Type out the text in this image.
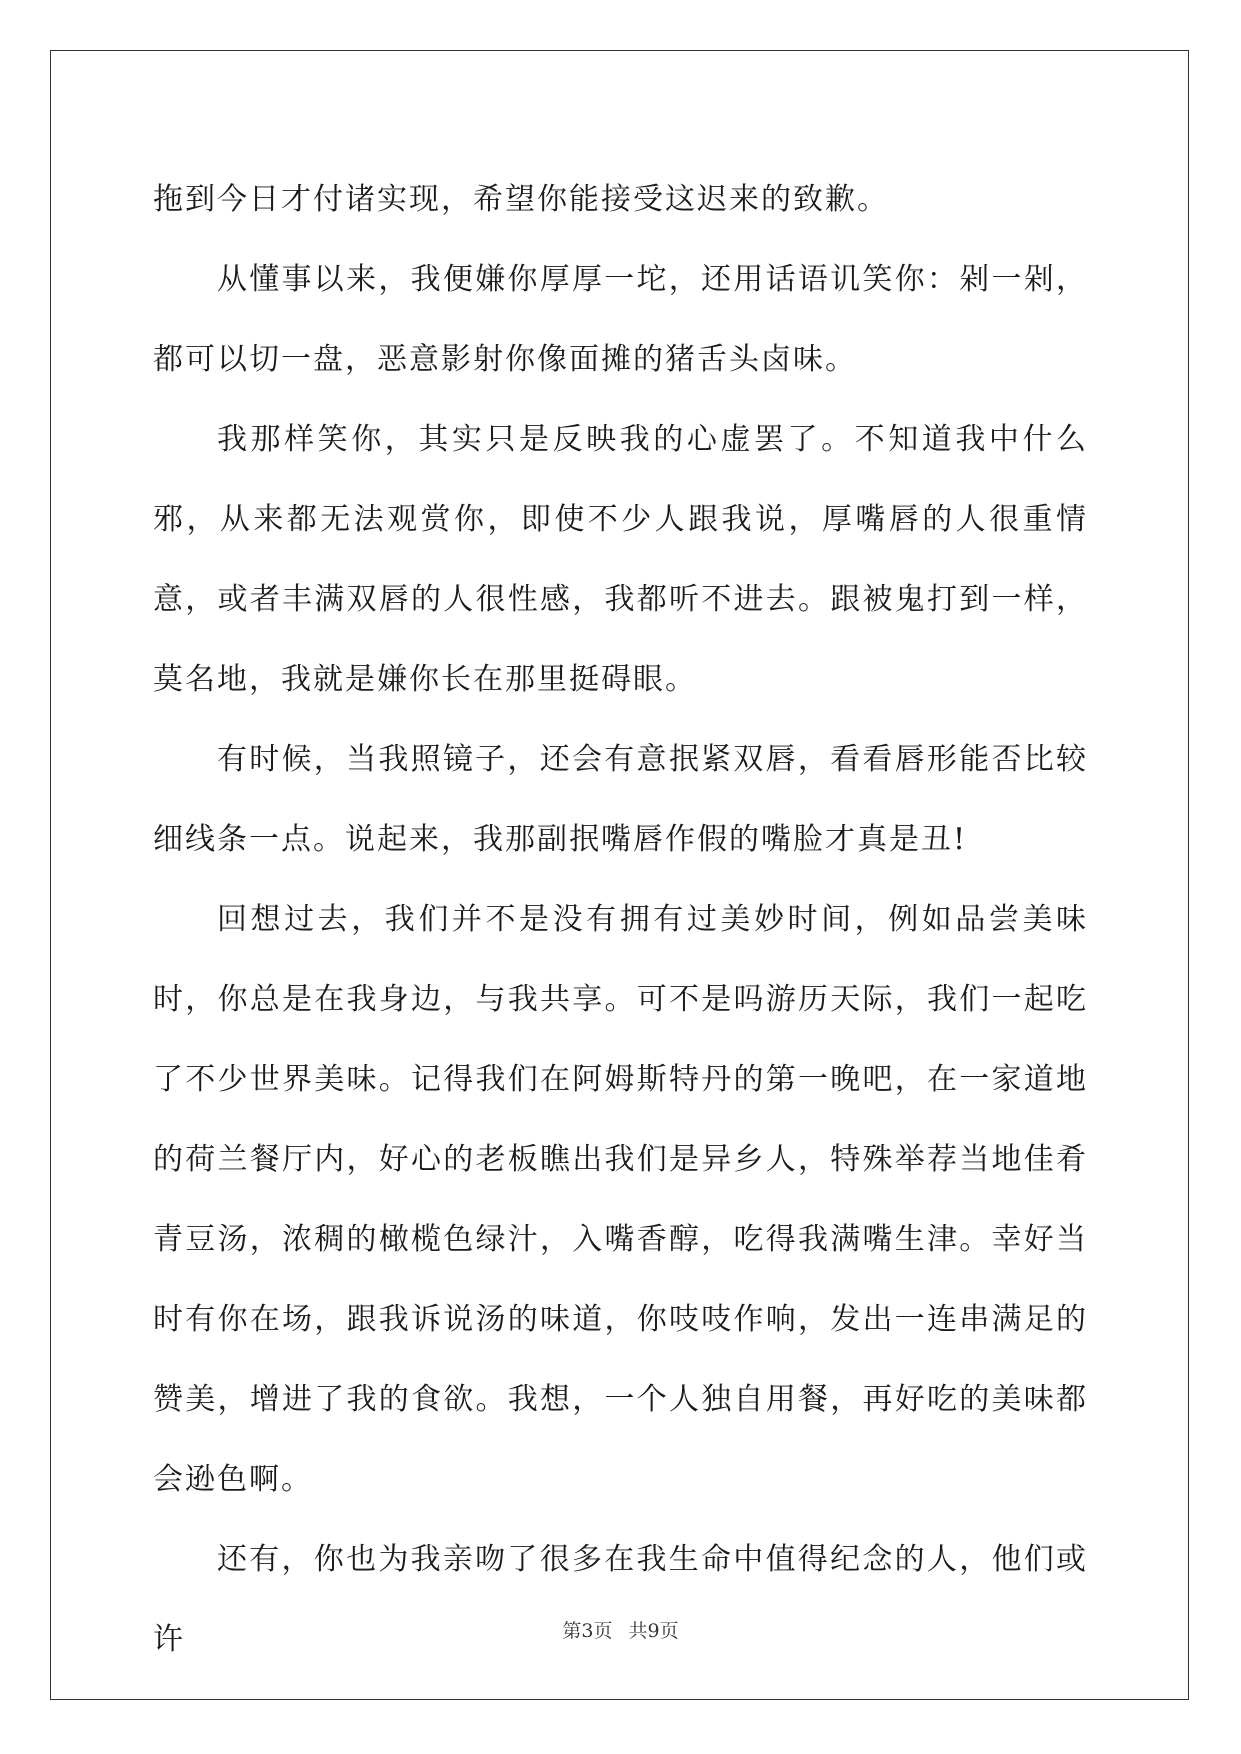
拖到今日才付诸实现，希望你能接受这迟来的致歉。

从懂事以来，我便嫌你厚厚一坨，还用话语讥笑你：剁一剁，都可以切一盘，恶意影射你像面摊的猪舌头卤味。

我那样笑你，其实只是反映我的心虚罢了。不知道我中什么邪，从来都无法观赏你，即使不少人跟我说，厚嘴唇的人很重情意，或者丰满双唇的人很性感，我都听不进去。跟被鬼打到一样，莫名地，我就是嫌你长在那里挺碍眼。

有时候，当我照镜子，还会有意抿紧双唇，看看唇形能否比较细线条一点。说起来，我那副抿嘴唇作假的嘴脸才真是丑!

回想过去，我们并不是没有拥有过美妙时间，例如品尝美味时，你总是在我身边，与我共享。可不是吗游历天际，我们一起吃了不少世界美味。记得我们在阿姆斯特丹的第一晚吧，在一家道地的荷兰餐厅内，好心的老板瞧出我们是异乡人，特殊举荐当地佳肴青豆汤，浓稠的橄榄色绿汁，入嘴香醇，吃得我满嘴生津。幸好当时有你在场，跟我诉说汤的味道，你吱吱作响，发出一连串满足的赞美，增进了我的食欲。我想，一个人独自用餐，再好吃的美味都会逊色啊。

还有，你也为我亲吻了很多在我生命中值得纪念的人，他们或许	第3页 共9页
